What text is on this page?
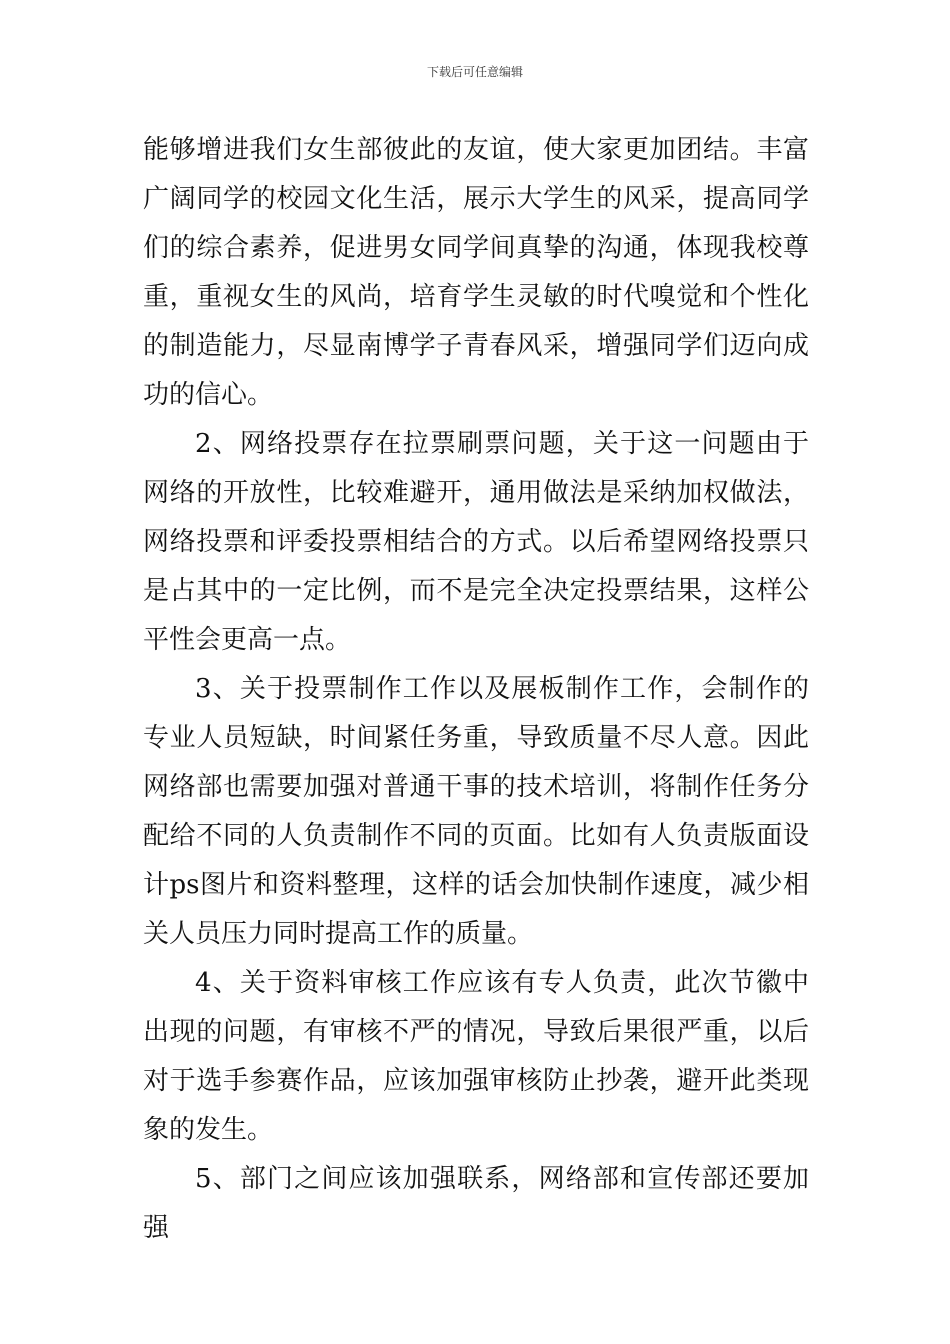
下载后可任意编辑

能够增进我们女生部彼此的友谊，使大家更加团结。丰富广阔同学的校园文化生活，展示大学生的风采，提高同学们的综合素养，促进男女同学间真挚的沟通，体现我校尊重，重视女生的风尚，培育学生灵敏的时代嗅觉和个性化的制造能力，尽显南博学子青春风采，增强同学们迈向成功的信心。

2、网络投票存在拉票刷票问题，关于这一问题由于网络的开放性，比较难避开，通用做法是采纳加权做法，网络投票和评委投票相结合的方式。以后希望网络投票只是占其中的一定比例，而不是完全决定投票结果，这样公平性会更高一点。

3、关于投票制作工作以及展板制作工作，会制作的专业人员短缺，时间紧任务重，导致质量不尽人意。因此网络部也需要加强对普通干事的技术培训，将制作任务分配给不同的人负责制作不同的页面。比如有人负责版面设计ps图片和资料整理，这样的话会加快制作速度，减少相关人员压力同时提高工作的质量。

4、关于资料审核工作应该有专人负责，此次节徽中出现的问题，有审核不严的情况，导致后果很严重，以后对于选手参赛作品，应该加强审核防止抄袭，避开此类现象的发生。

5、部门之间应该加强联系，网络部和宣传部还要加强
